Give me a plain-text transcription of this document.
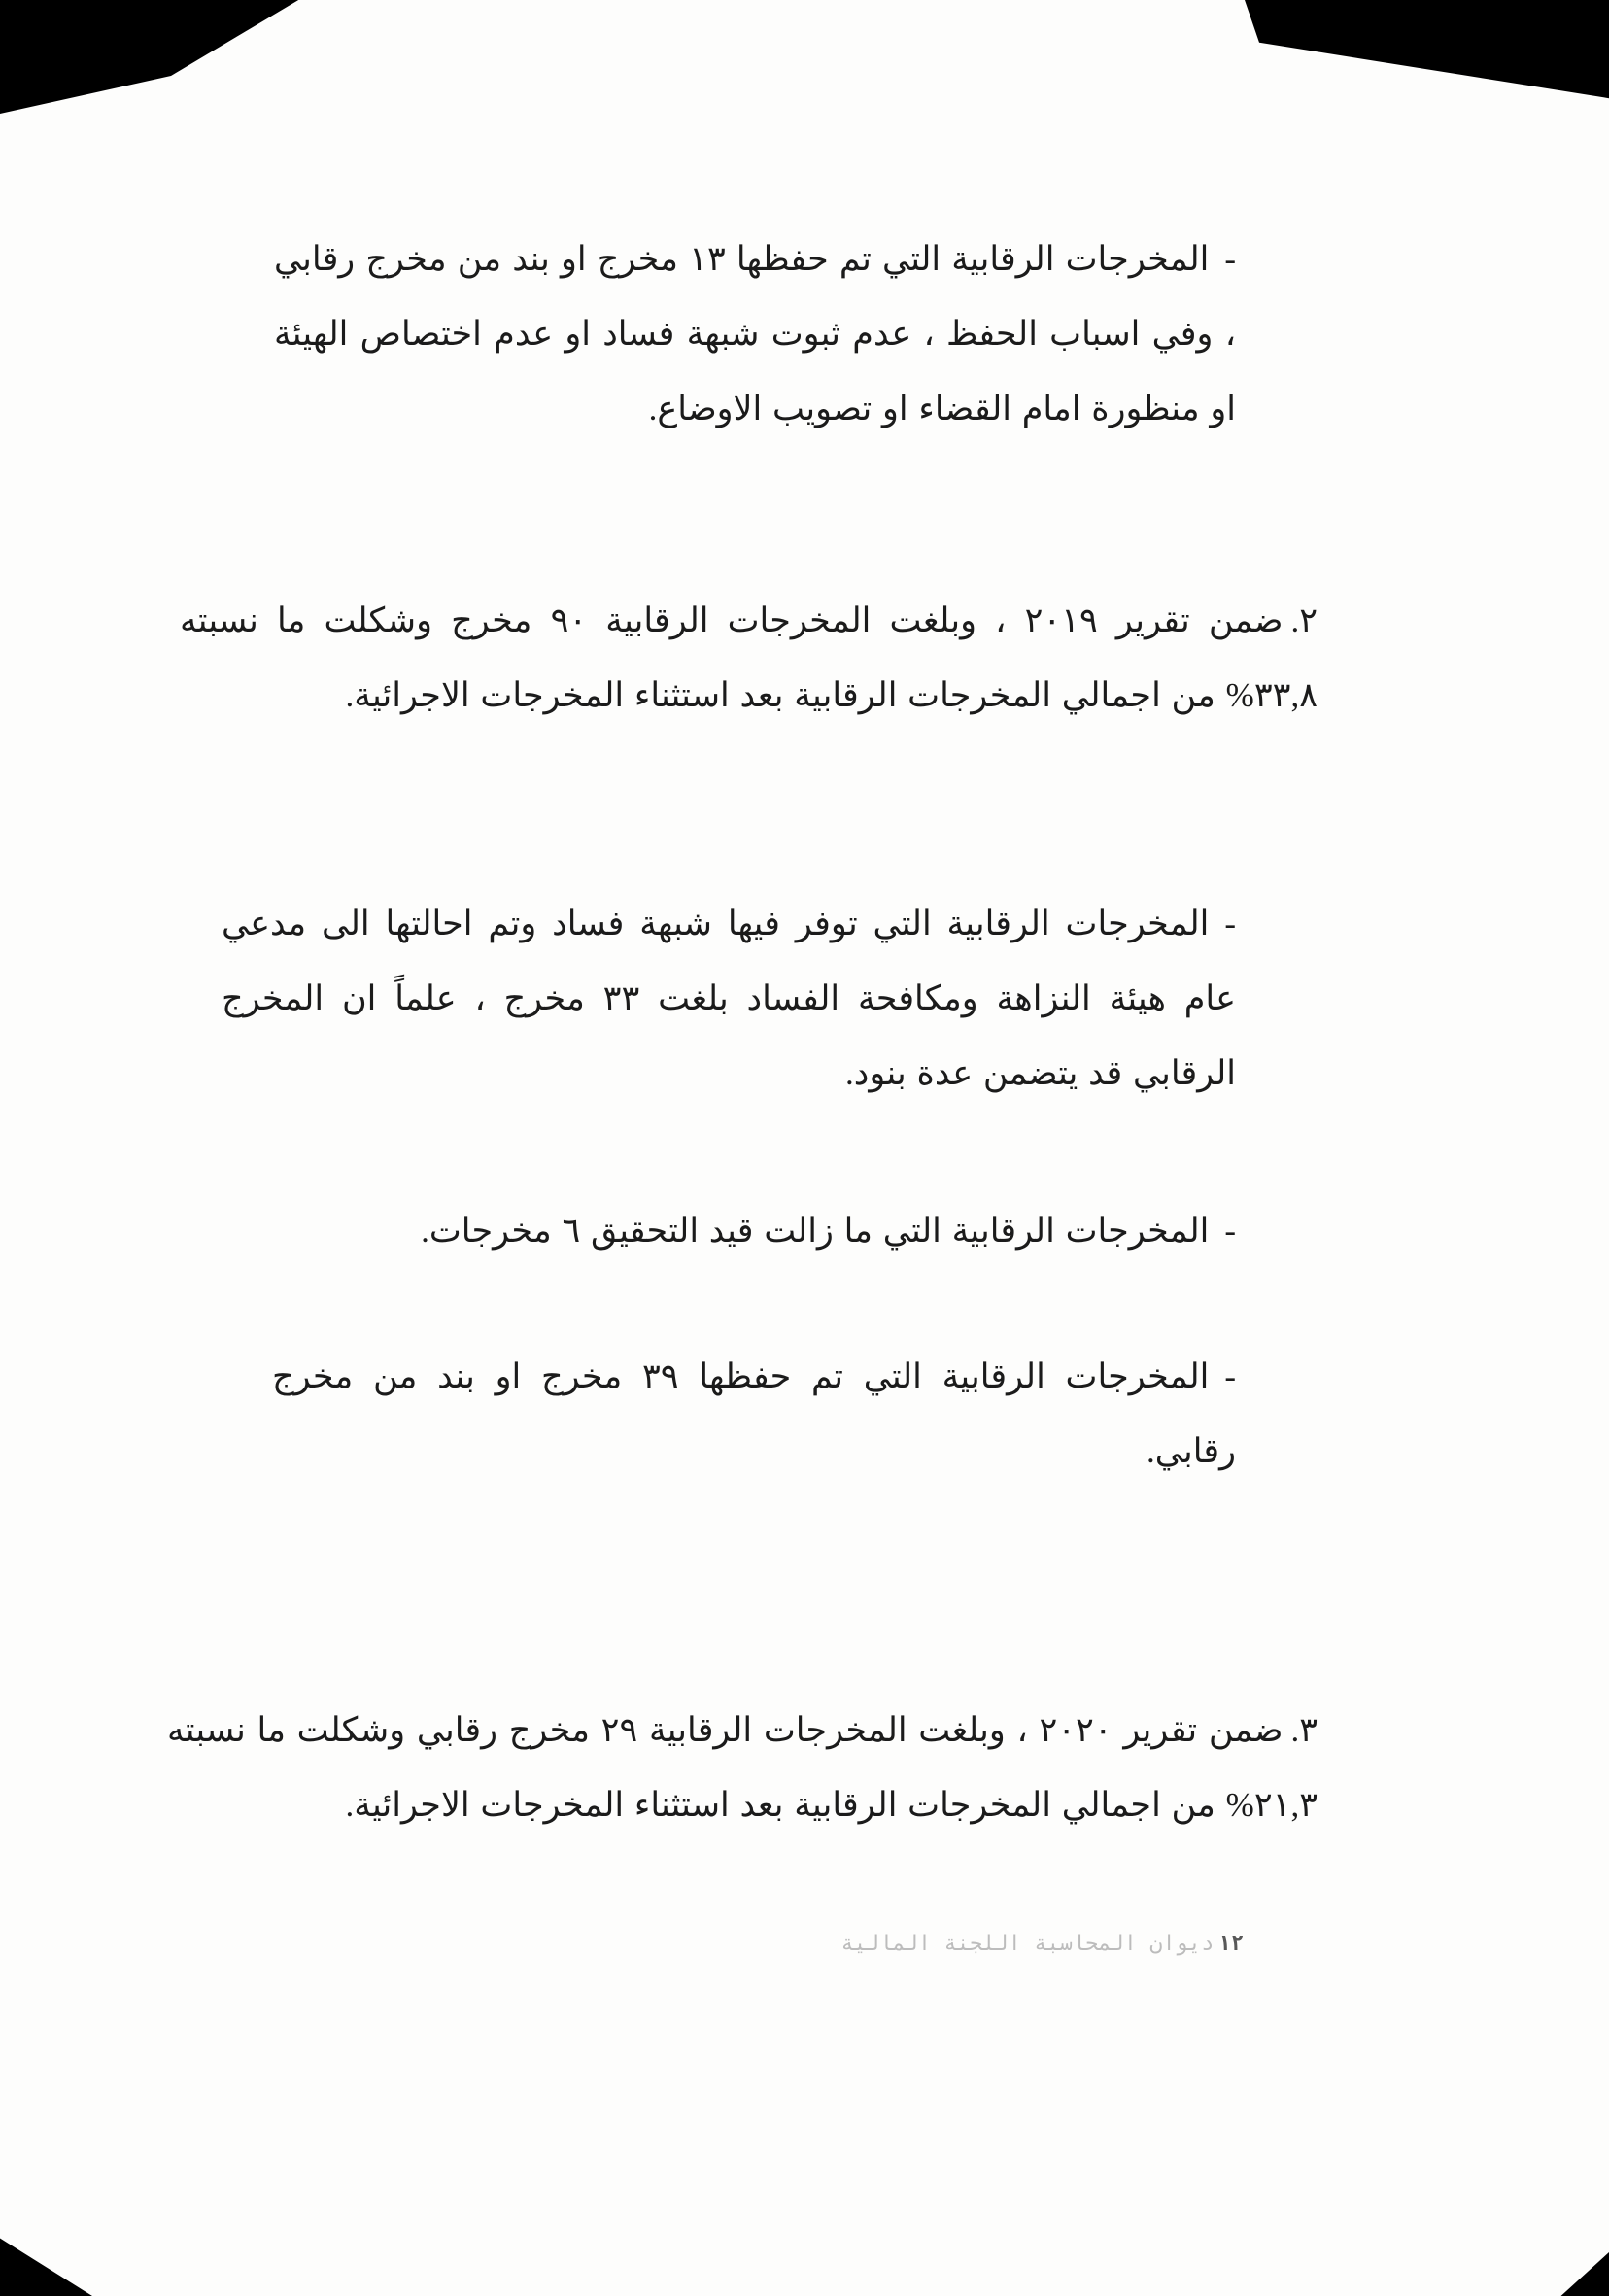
-المخرجات الرقابية التي تم حفظها ١٣ مخرج او بند من مخرج رقابي ، وفي اسباب الحفظ ، عدم ثبوت شبهة فساد او عدم اختصاص الهيئة او منظورة امام القضاء او تصويب الاوضاع.
٢.ضمن تقرير ٢٠١٩ ، وبلغت المخرجات الرقابية ٩٠ مخرج وشكلت ما نسبته ٣٣,٨% من اجمالي المخرجات الرقابية بعد استثناء المخرجات الاجرائية.
-المخرجات الرقابية التي توفر فيها شبهة فساد وتم احالتها الى مدعي عام هيئة النزاهة ومكافحة الفساد بلغت ٣٣ مخرج ، علماً ان المخرج الرقابي قد يتضمن عدة بنود.
-المخرجات الرقابية التي ما زالت قيد التحقيق ٦ مخرجات.
-المخرجات الرقابية التي تم حفظها ٣٩ مخرج او بند من مخرج رقابي.
٣.ضمن تقرير ٢٠٢٠ ، وبلغت المخرجات الرقابية ٢٩ مخرج رقابي وشكلت ما نسبته ٢١,٣% من اجمالي المخرجات الرقابية بعد استثناء المخرجات الاجرائية.
١٢ديوان المحاسبة اللجنة المالية
